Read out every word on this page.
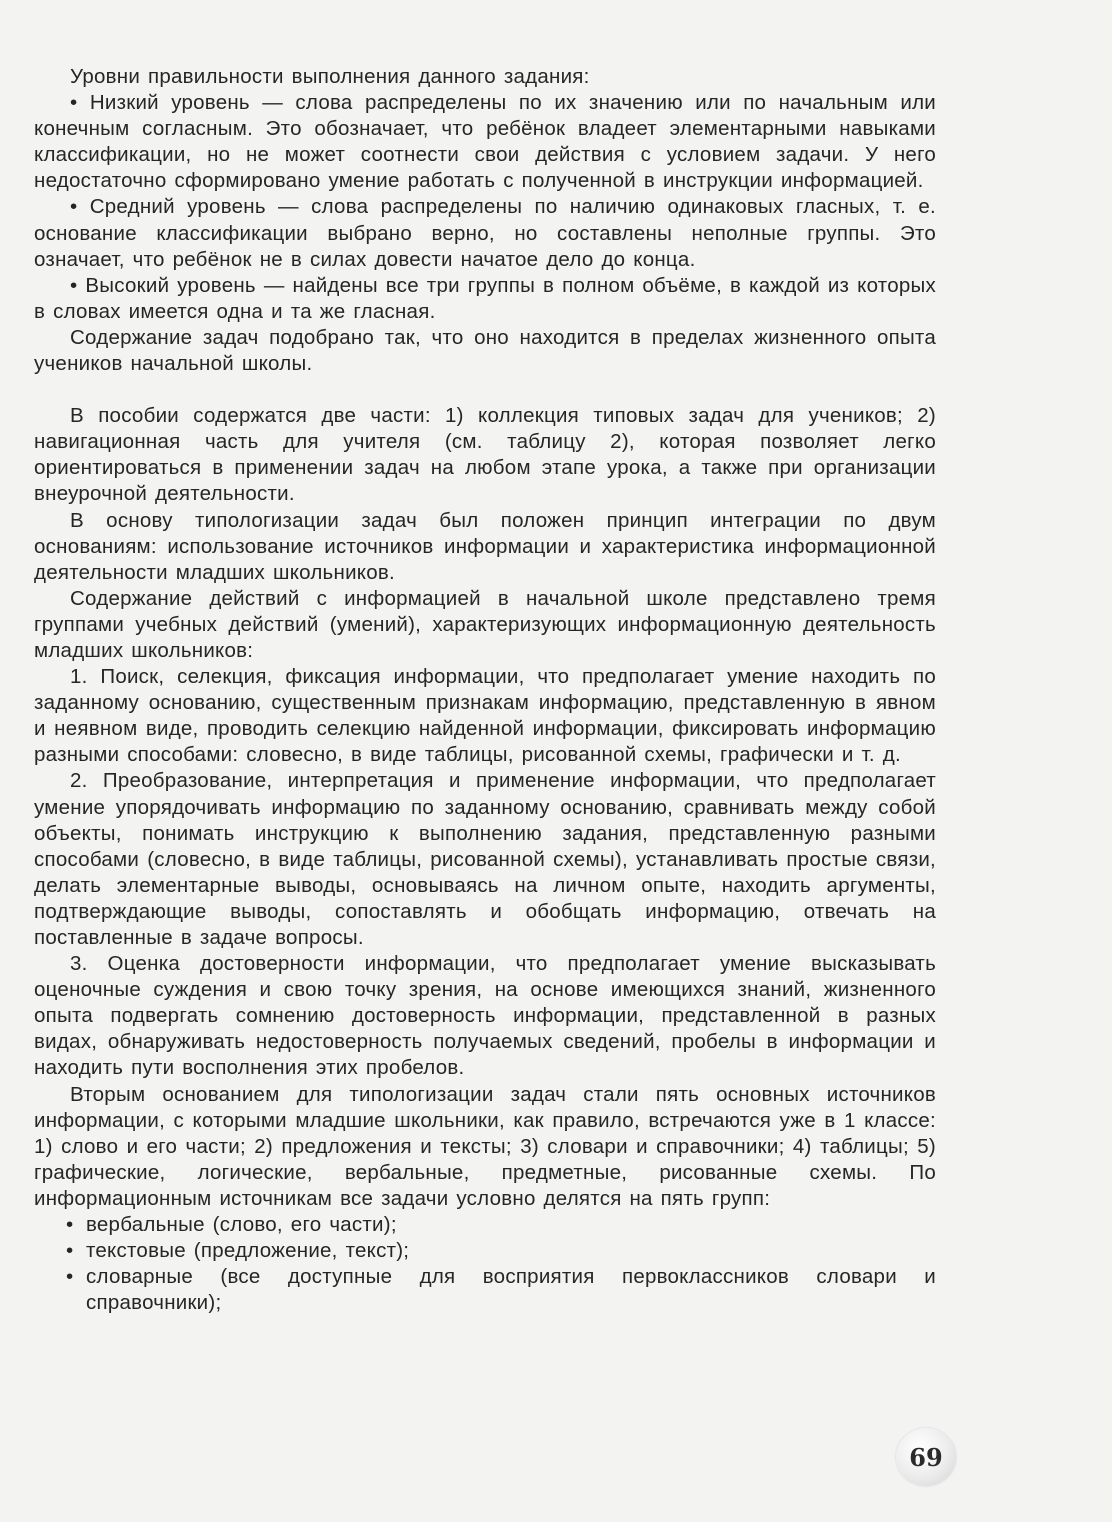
Уровни правильности выполнения данного задания:

• Низкий уровень — слова распределены по их значению или по начальным или конечным согласным. Это обозначает, что ребёнок владеет элементарными навыками классификации, но не может соотнести свои действия с условием задачи. У него недостаточно сформировано умение работать с полученной в инструкции информацией.

• Средний уровень — слова распределены по наличию одинаковых гласных, т. е. основание классификации выбрано верно, но составлены неполные группы. Это означает, что ребёнок не в силах довести начатое дело до конца.

• Высокий уровень — найдены все три группы в полном объёме, в каждой из которых в словах имеется одна и та же гласная.

Содержание задач подобрано так, что оно находится в пределах жизненного опыта учеников начальной школы.

В пособии содержатся две части: 1) коллекция типовых задач для учеников; 2) навигационная часть для учителя (см. таблицу 2), которая позволяет легко ориентироваться в применении задач на любом этапе урока, а также при организации внеурочной деятельности.

В основу типологизации задач был положен принцип интеграции по двум основаниям: использование источников информации и характеристика информационной деятельности младших школьников.

Содержание действий с информацией в начальной школе представлено тремя группами учебных действий (умений), характеризующих информационную деятельность младших школьников:

1. Поиск, селекция, фиксация информации, что предполагает умение находить по заданному основанию, существенным признакам информацию, представленную в явном и неявном виде, проводить селекцию найденной информации, фиксировать информацию разными способами: словесно, в виде таблицы, рисованной схемы, графически и т. д.

2. Преобразование, интерпретация и применение информации, что предполагает умение упорядочивать информацию по заданному основанию, сравнивать между собой объекты, понимать инструкцию к выполнению задания, представленную разными способами (словесно, в виде таблицы, рисованной схемы), устанавливать простые связи, делать элементарные выводы, основываясь на личном опыте, находить аргументы, подтверждающие выводы, сопоставлять и обобщать информацию, отвечать на поставленные в задаче вопросы.

3. Оценка достоверности информации, что предполагает умение высказывать оценочные суждения и свою точку зрения, на основе имеющихся знаний, жизненного опыта подвергать сомнению достоверность информации, представленной в разных видах, обнаруживать недостоверность получаемых сведений, пробелы в информации и находить пути восполнения этих пробелов.

Вторым основанием для типологизации задач стали пять основных источников информации, с которыми младшие школьники, как правило, встречаются уже в 1 классе: 1) слово и его части; 2) предложения и тексты; 3) словари и справочники; 4) таблицы; 5) графические, логические, вербальные, предметные, рисованные схемы. По информационным источникам все задачи условно делятся на пять групп:

• вербальные (слово, его части);
• текстовые (предложение, текст);
• словарные (все доступные для восприятия первоклассников словари и справочники);
69
